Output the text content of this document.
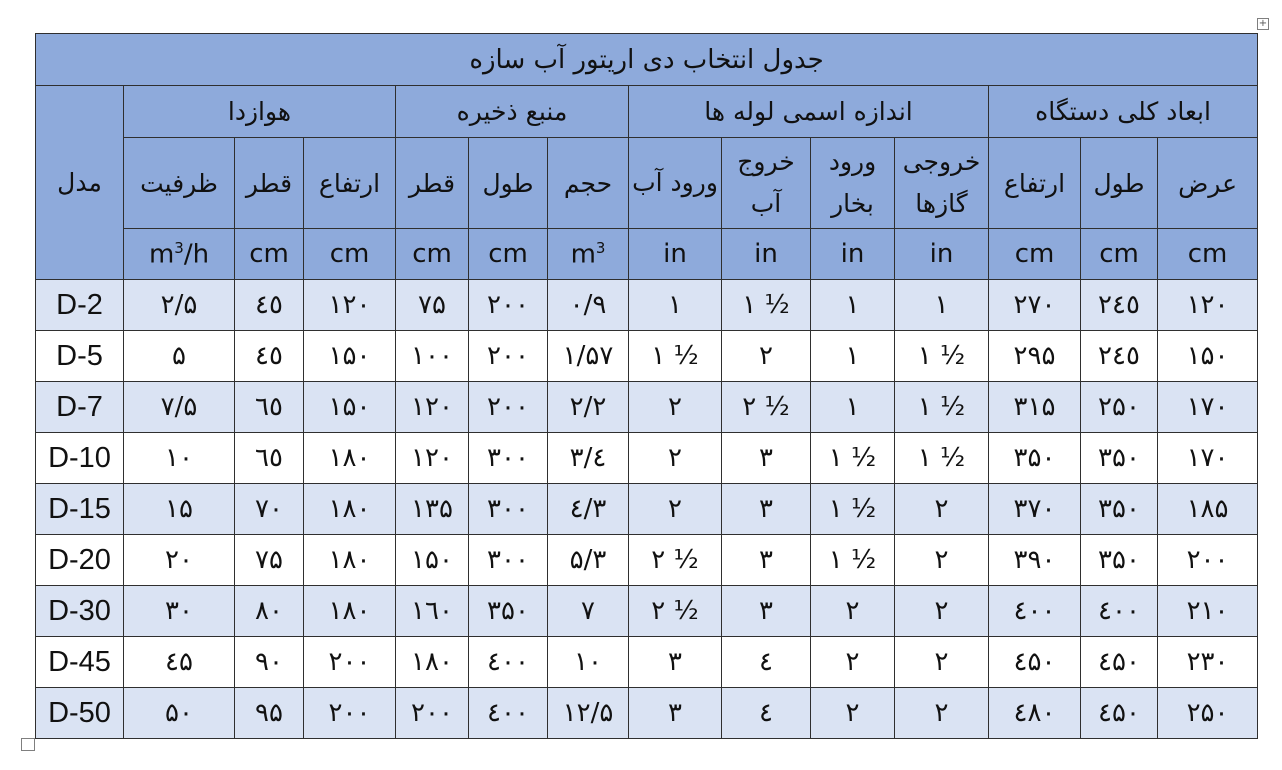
+
جدول انتخاب دی اریتور آب سازه													
مدل	هوازدا			منبع ذخیره			اندازه اسمی لوله ها				ابعاد کلی دستگاه		
	ظرفیت	قطر	ارتفاع	قطر	طول	حجم	ورود آب	خروج آب	ورود بخار	خروجی گازها	ارتفاع	طول	عرض
	$m^3/h$	cm	cm	cm	cm	$m^3$	in	in	in	in	cm	cm	cm
D-2	۲/۵	٤٥	۱۲۰	۷۵	۲۰۰	۰/۹	۱	۱ ½	۱	۱	۲۷۰	۲٤٥	۱۲۰
D-5	۵	٤٥	۱۵۰	۱۰۰	۲۰۰	۱/۵۷	۱ ½	۲	۱	۱ ½	۲۹۵	۲٤٥	۱۵۰
D-7	۷/۵	٦٥	۱۵۰	۱۲۰	۲۰۰	۲/۲	۲	۲ ½	۱	۱ ½	۳۱۵	۲۵۰	۱۷۰
D-10	۱۰	٦٥	۱۸۰	۱۲۰	۳۰۰	۳/٤	۲	۳	۱ ½	۱ ½	۳۵۰	۳۵۰	۱۷۰
D-15	۱۵	۷۰	۱۸۰	۱۳۵	۳۰۰	٤/۳	۲	۳	۱ ½	۲	۳۷۰	۳۵۰	۱۸۵
D-20	۲۰	۷۵	۱۸۰	۱۵۰	۳۰۰	۵/۳	۲ ½	۳	۱ ½	۲	۳۹۰	۳۵۰	۲۰۰
D-30	۳۰	۸۰	۱۸۰	۱٦۰	۳۵۰	۷	۲ ½	۳	۲	۲	٤۰۰	٤۰۰	۲۱۰
D-45	٤۵	۹۰	۲۰۰	۱۸۰	٤۰۰	۱۰	۳	٤	۲	۲	٤۵۰	٤۵۰	۲۳۰
D-50	۵۰	۹۵	۲۰۰	۲۰۰	٤۰۰	۱۲/۵	۳	٤	۲	۲	٤۸۰	٤۵۰	۲۵۰
